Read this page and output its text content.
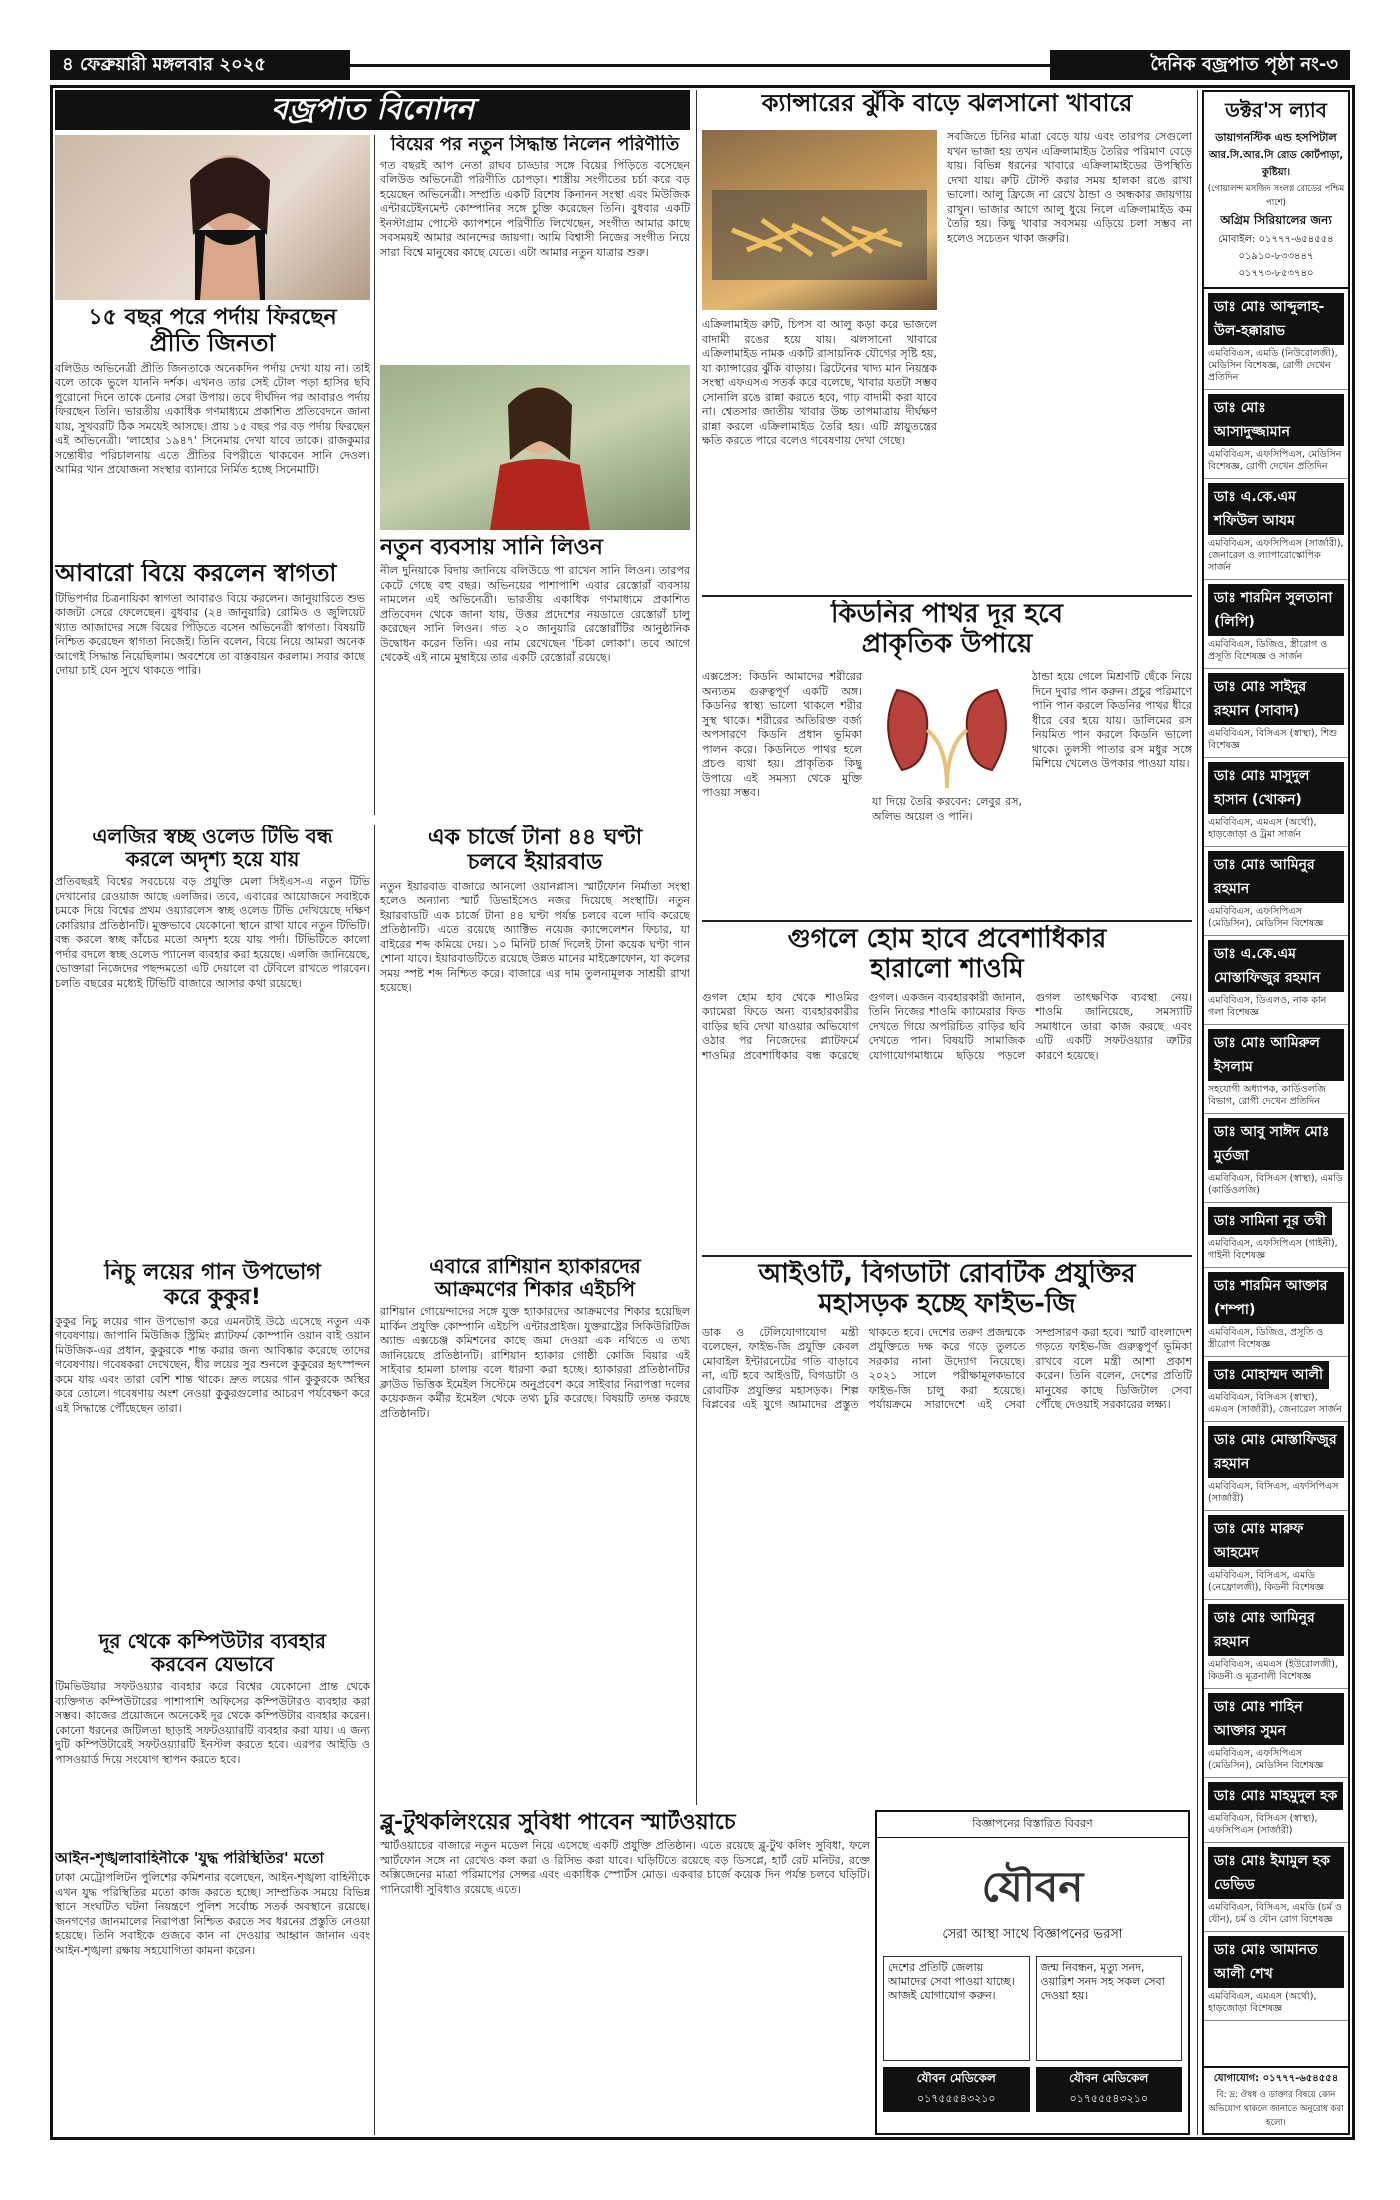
৪ ফেব্রুয়ারী মঙ্গলবার ২০২৫	দৈনিক বজ্রপাত পৃষ্ঠা নং-৩
বজ্রপাত বিনোদন
১৫ বছর পরে পর্দায় ফিরছেন
প্রীতি জিনতা
বলিউড অভিনেত্রী প্রীতি জিনতাকে অনেকদিন পর্দায় দেখা যায় না। তাই বলে তাকে ভুলে যাননি দর্শক। এখনও তার সেই টোল পড়া হাসির ছবি পুরোনো দিনে তাকে চেনার সেরা উপায়। তবে দীর্ঘদিন পর আবারও পর্দায় ফিরছেন তিনি। ভারতীয় একাধিক গণমাধ্যমে প্রকাশিত প্রতিবেদনে জানা যায়, সুখবরটি ঠিক সময়েই আসছে। প্রায় ১৫ বছর পর বড় পর্দায় ফিরছেন এই অভিনেত্রী। 'লাহোর ১৯৪৭' সিনেমায় দেখা যাবে তাকে। রাজকুমার সন্তোষীর পরিচালনায় এতে প্রীতির বিপরীতে থাকবেন সানি দেওল। আমির খান প্রযোজনা সংস্থার ব্যানারে নির্মিত হচ্ছে সিনেমাটি।
আবারো বিয়ে করলেন স্বাগতা
টিভিপর্দার চিত্রনায়িকা স্বাগতা আবারও বিয়ে করলেন। জানুয়ারিতে শুভ কাজটা সেরে ফেলেছেন। বুধবার (২৪ জানুয়ারি) রোমিও ও জুলিয়েট খ্যাত আজাদের সঙ্গে বিয়ের পিঁড়িতে বসেন অভিনেত্রী স্বাগতা। বিষয়টি নিশ্চিত করেছেন স্বাগতা নিজেই। তিনি বলেন, বিয়ে নিয়ে আমরা অনেক আগেই সিদ্ধান্ত নিয়েছিলাম। অবশেষে তা বাস্তবায়ন করলাম। সবার কাছে দোয়া চাই যেন সুখে থাকতে পারি।
বিয়ের পর নতুন সিদ্ধান্ত নিলেন পরিণীতি
গত বছরই আপ নেতা রাঘব চাড্ডার সঙ্গে বিয়ের পিঁড়িতে বসেছেন বলিউড অভিনেত্রী পরিণীতি চোপড়া। শাস্ত্রীয় সংগীতের চর্চা করে বড় হয়েছেন অভিনেত্রী। সম্প্রতি একটি বিশেষ কিনানন সংস্থা এবং মিউজিক এন্টারটেইনমেন্ট কোম্পানির সঙ্গে চুক্তি করেছেন তিনি। বুধবার একটি ইনস্টাগ্রাম পোস্টে ক্যাপশনে পরিণীতি লিখেছেন, সংগীত আমার কাছে সবসময়ই আমার আনন্দের জায়গা। আমি বিশ্বাসী নিজের সংগীত নিয়ে সারা বিশ্বে মানুষের কাছে যেতে। এটা আমার নতুন যাত্রার শুরু।
নতুন ব্যবসায় সানি লিওন
নীল দুনিয়াকে বিদায় জানিয়ে বলিউডে পা রাখেন সানি লিওন। তারপর কেটে গেছে বহু বছর। অভিনয়ের পাশাপাশি এবার রেস্তোরাঁ ব্যবসায় নামলেন এই অভিনেত্রী। ভারতীয় একাধিক গণমাধ্যমে প্রকাশিত প্রতিবেদন থেকে জানা যায়, উত্তর প্রদেশের নয়ডাতে রেস্তোরাঁ চালু করেছেন সানি লিওন। গত ২০ জানুয়ারি রেস্তোরাঁটির আনুষ্ঠানিক উদ্বোধন করেন তিনি। এর নাম রেখেছেন 'চিকা লোকা'। তবে আগে থেকেই এই নামে মুম্বাইয়ে তার একটি রেস্তোরাঁ রয়েছে।
এলজির স্বচ্ছ ওলেড টিভি বন্ধ
করলে অদৃশ্য হয়ে যায়
প্রতিবছরই বিশ্বের সবচেয়ে বড় প্রযুক্তি মেলা সিইএস-এ নতুন টিভি দেখানোর রেওয়াজ আছে এলজির। তবে, এবারের আয়োজনে সবাইকে চমকে দিয়ে বিশ্বের প্রথম ওয়্যারলেস স্বচ্ছ ওলেড টিভি দেখিয়েছে দক্ষিণ কোরিয়ার প্রতিষ্ঠানটি। মুক্তভাবে যেকোনো স্থানে রাখা যাবে নতুন টিভিটি। বন্ধ করলে স্বচ্ছ কাঁচের মতো অদৃশ্য হয়ে যায় পর্দা। টিভিটিতে কালো পর্দার বদলে স্বচ্ছ ওলেড প্যানেল ব্যবহার করা হয়েছে। এলজি জানিয়েছে, ভোক্তারা নিজেদের পছন্দমতো এটি দেয়ালে বা টেবিলে রাখতে পারবেন। চলতি বছরের মধ্যেই টিভিটি বাজারে আসার কথা রয়েছে।
নিচু লয়ের গান উপভোগ
করে কুকুর!
কুকুর নিচু লয়ের গান উপভোগ করে এমনটাই উঠে এসেছে নতুন এক গবেষণায়। জাপানি মিউজিক স্ট্রিমিং প্ল্যাটফর্ম কোম্পানি ওয়ান বাই ওয়ান মিউজিক-এর প্রধান, কুকুরকে শান্ত করার জন্য আবিষ্কার করেছে তাদের গবেষণায়। গবেষকরা দেখেছেন, ধীর লয়ের সুর শুনলে কুকুরের হৃৎস্পন্দন কমে যায় এবং তারা বেশি শান্ত থাকে। দ্রুত লয়ের গান কুকুরকে অস্থির করে তোলে। গবেষণায় অংশ নেওয়া কুকুরগুলোর আচরণ পর্যবেক্ষণ করে এই সিদ্ধান্তে পৌঁছেছেন তারা।
দূর থেকে কম্পিউটার ব্যবহার
করবেন যেভাবে
টিমভিউয়ার সফটওয়্যার ব্যবহার করে বিশ্বের যেকোনো প্রান্ত থেকে ব্যক্তিগত কম্পিউটারের পাশাপাশি অফিসের কম্পিউটারও ব্যবহার করা সম্ভব। কাজের প্রয়োজনে অনেকেই দূর থেকে কম্পিউটার ব্যবহার করেন। কোনো ধরনের জটিলতা ছাড়াই সফটওয়্যারটি ব্যবহার করা যায়। এ জন্য দুটি কম্পিউটারেই সফটওয়্যারটি ইনস্টল করতে হবে। এরপর আইডি ও পাসওয়ার্ড দিয়ে সংযোগ স্থাপন করতে হবে।
আইন-শৃঙ্খলাবাহিনীকে 'যুদ্ধ পরিস্থিতির' মতো
ঢাকা মেট্রোপলিটন পুলিশের কমিশনার বলেছেন, আইন-শৃঙ্খলা বাহিনীকে এখন যুদ্ধ পরিস্থিতির মতো কাজ করতে হচ্ছে। সাম্প্রতিক সময়ে বিভিন্ন স্থানে সংঘটিত ঘটনা নিয়ন্ত্রণে পুলিশ সর্বোচ্চ সতর্ক অবস্থানে রয়েছে। জনগণের জানমালের নিরাপত্তা নিশ্চিত করতে সব ধরনের প্রস্তুতি নেওয়া হয়েছে। তিনি সবাইকে গুজবে কান না দেওয়ার আহ্বান জানান এবং আইন-শৃঙ্খলা রক্ষায় সহযোগিতা কামনা করেন।
এক চার্জে টানা ৪৪ ঘণ্টা
চলবে ইয়ারবাড
নতুন ইয়ারবাড বাজারে আনলো ওয়ানপ্লাস। স্মার্টফোন নির্মাতা সংস্থা হলেও অন্যান্য স্মার্ট ডিভাইসেও নজর দিয়েছে সংস্থাটি। নতুন ইয়ারবাডটি এক চার্জে টানা ৪৪ ঘণ্টা পর্যন্ত চলবে বলে দাবি করেছে প্রতিষ্ঠানটি। এতে রয়েছে অ্যাক্টিভ নয়েজ ক্যান্সেলেশন ফিচার, যা বাইরের শব্দ কমিয়ে দেয়। ১০ মিনিট চার্জ দিলেই টানা কয়েক ঘণ্টা গান শোনা যাবে। ইয়ারবাডটিতে রয়েছে উন্নত মানের মাইক্রোফোন, যা কলের সময় স্পষ্ট শব্দ নিশ্চিত করে। বাজারে এর দাম তুলনামূলক সাশ্রয়ী রাখা হয়েছে।
এবারে রাশিয়ান হ্যাকারদের
আক্রমণের শিকার এইচপি
রাশিয়ান গোয়েন্দাদের সঙ্গে যুক্ত হ্যাকারদের আক্রমণের শিকার হয়েছিল মার্কিন প্রযুক্তি কোম্পানি এইচপি এন্টারপ্রাইজ। যুক্তরাষ্ট্রের সিকিউরিটিজ অ্যান্ড এক্সচেঞ্জ কমিশনের কাছে জমা দেওয়া এক নথিতে এ তথ্য জানিয়েছে প্রতিষ্ঠানটি। রাশিয়ান হ্যাকার গোষ্ঠী কোজি বিয়ার এই সাইবার হামলা চালায় বলে ধারণা করা হচ্ছে। হ্যাকাররা প্রতিষ্ঠানটির ক্লাউড ভিত্তিক ইমেইল সিস্টেমে অনুপ্রবেশ করে সাইবার নিরাপত্তা দলের কয়েকজন কর্মীর ইমেইল থেকে তথ্য চুরি করেছে। বিষয়টি তদন্ত করছে প্রতিষ্ঠানটি।
ব্লু-টুথকলিংয়ের সুবিধা পাবেন স্মার্টওয়াচে
স্মার্টওয়াচের বাজারে নতুন মডেল নিয়ে এসেছে একটি প্রযুক্তি প্রতিষ্ঠান। এতে রয়েছে ব্লু-টুথ কলিং সুবিধা, ফলে স্মার্টফোন সঙ্গে না রেখেও কল করা ও রিসিভ করা যাবে। ঘড়িটিতে রয়েছে বড় ডিসপ্লে, হার্ট রেট মনিটর, রক্তে অক্সিজেনের মাত্রা পরিমাপের সেন্সর এবং একাধিক স্পোর্টস মোড। একবার চার্জে কয়েক দিন পর্যন্ত চলবে ঘড়িটি। পানিরোধী সুবিধাও রয়েছে এতে।
ক্যান্সারের ঝুঁকি বাড়ে ঝলসানো খাবারে
সবজিতে চিনির মাত্রা বেড়ে যায় এবং তারপর সেগুলো যখন ভাজা হয় তখন এক্রিলামাইড তৈরির পরিমাণ বেড়ে যায়। বিভিন্ন ধরনের খাবারে এক্রিলামাইডের উপস্থিতি দেখা যায়। রুটি টোস্ট করার সময় হালকা রঙে রাখা ভালো। আলু ফ্রিজে না রেখে ঠান্ডা ও অন্ধকার জায়গায় রাখুন। ভাজার আগে আলু ধুয়ে নিলে এক্রিলামাইড কম তৈরি হয়। কিছু খাবার সবসময় এড়িয়ে চলা সম্ভব না হলেও সচেতন থাকা জরুরি।
এক্রিলামাইড রুটি, চিপস বা আলু কড়া করে ভাজলে বাদামী রঙের হয়ে যায়। ঝলসানো খাবারে এক্রিলামাইড নামক একটি রাসায়নিক যৌগের সৃষ্টি হয়, যা ক্যান্সারের ঝুঁকি বাড়ায়। ব্রিটেনের খাদ্য মান নিয়ন্ত্রক সংস্থা এফএসএ সতর্ক করে বলেছে, খাবার যতটা সম্ভব সোনালি রঙে রান্না করতে হবে, গাঢ় বাদামী করা যাবে না। শ্বেতসার জাতীয় খাবার উচ্চ তাপমাত্রায় দীর্ঘক্ষণ রান্না করলে এক্রিলামাইড তৈরি হয়। এটি স্নায়ুতন্ত্রের ক্ষতি করতে পারে বলেও গবেষণায় দেখা গেছে।
কিডনির পাথর দূর হবে
প্রাকৃতিক উপায়ে
এক্সপ্রেস: কিডনি আমাদের শরীরের অন্যতম গুরুত্বপূর্ণ একটি অঙ্গ। কিডনির স্বাস্থ্য ভালো থাকলে শরীর সুস্থ থাকে। শরীরের অতিরিক্ত বর্জ্য অপসারণে কিডনি প্রধান ভূমিকা পালন করে। কিডনিতে পাথর হলে প্রচণ্ড ব্যথা হয়। প্রাকৃতিক কিছু উপায়ে এই সমস্যা থেকে মুক্তি পাওয়া সম্ভব।
যা দিয়ে তৈরি করবেন: লেবুর রস, অলিভ অয়েল ও পানি।
ঠান্ডা হয়ে গেলে মিশ্রণটি ছেঁকে নিয়ে দিনে দুবার পান করুন। প্রচুর পরিমাণে পানি পান করলে কিডনির পাথর ধীরে ধীরে বের হয়ে যায়। ডালিমের রস নিয়মিত পান করলে কিডনি ভালো থাকে। তুলসী পাতার রস মধুর সঙ্গে মিশিয়ে খেলেও উপকার পাওয়া যায়।
গুগলে হোম হাবে প্রবেশাধিকার
হারালো শাওমি
গুগল হোম হাব থেকে শাওমির ক্যামেরা ফিডে অন্য ব্যবহারকারীর বাড়ির ছবি দেখা যাওয়ার অভিযোগ ওঠার পর নিজেদের প্ল্যাটফর্মে শাওমির প্রবেশাধিকার বন্ধ করেছে গুগল। একজন ব্যবহারকারী জানান, তিনি নিজের শাওমি ক্যামেরার ফিড দেখতে গিয়ে অপরিচিত বাড়ির ছবি দেখতে পান। বিষয়টি সামাজিক যোগাযোগমাধ্যমে ছড়িয়ে পড়লে গুগল তাৎক্ষণিক ব্যবস্থা নেয়। শাওমি জানিয়েছে, সমস্যাটি সমাধানে তারা কাজ করছে এবং এটি একটি সফটওয়্যার ত্রুটির কারণে হয়েছে।
আইওটি, বিগডাটা রোবটিক প্রযুক্তির
মহাসড়ক হচ্ছে ফাইভ-জি
ডাক ও টেলিযোগাযোগ মন্ত্রী বলেছেন, ফাইভ-জি প্রযুক্তি কেবল মোবাইল ইন্টারনেটের গতি বাড়াবে না, এটি হবে আইওটি, বিগডাটা ও রোবটিক প্রযুক্তির মহাসড়ক। শিল্প বিপ্লবের এই যুগে আমাদের প্রস্তুত থাকতে হবে। দেশের তরুণ প্রজন্মকে প্রযুক্তিতে দক্ষ করে গড়ে তুলতে সরকার নানা উদ্যোগ নিয়েছে। ২০২১ সালে পরীক্ষামূলকভাবে ফাইভ-জি চালু করা হয়েছে। পর্যায়ক্রমে সারাদেশে এই সেবা সম্প্রসারণ করা হবে। স্মার্ট বাংলাদেশ গড়তে ফাইভ-জি গুরুত্বপূর্ণ ভূমিকা রাখবে বলে মন্ত্রী আশা প্রকাশ করেন। তিনি বলেন, দেশের প্রতিটি মানুষের কাছে ডিজিটাল সেবা পৌঁছে দেওয়াই সরকারের লক্ষ্য।
বিজ্ঞাপনের বিস্তারিত বিবরণ
যৌবন
সেরা আস্থা সাথে বিজ্ঞাপনের ভরসা
দেশের প্রতিটি জেলায় আমাদের সেবা পাওয়া যাচ্ছে। আজই যোগাযোগ করুন।
জন্ম নিবন্ধন, মৃত্যু সনদ, ওয়ারিশ সনদ সহ সকল সেবা দেওয়া হয়।
যৌবন মেডিকেল
০১৭৫৫৫৪৩২১০
যৌবন মেডিকেল
০১৭৫৫৫৪৩২১০
ডক্টর'স ল্যাব
ডায়াগনস্টিক এন্ড হসপিটাল
আর.সি.আর.সি রোড কোর্টপাড়া, কুষ্টিয়া।
(গোয়ালন্দ মসজিদ সংলগ্ন রোডের পশ্চিম পাশে)
অগ্রিম সিরিয়ালের জন্য
মোবাইল: ০১৭৭৭-৬৫৪৫৫৪
০১৯১০-৮৩৩৪৪৭
০১৭৭৩-৮৫৩৭৪০
ডাঃ মোঃ আব্দুলাহ-উল-হক্কারাভ
এমবিবিএস, এমডি (নিউরোলজী), মেডিসিন বিশেষজ্ঞ, রোগী দেখেন প্রতিদিন
ডাঃ মোঃ আসাদুজ্জামান
এমবিবিএস, এফসিপিএস, মেডিসিন বিশেষজ্ঞ, রোগী দেখেন প্রতিদিন
ডাঃ এ.কে.এম শফিউল আযম
এমবিবিএস, এফসিপিএস (সার্জারী), জেনারেল ও ল্যাপারোস্কোপিক সার্জন
ডাঃ শারমিন সুলতানা (লিপি)
এমবিবিএস, ডিজিও, স্ত্রীরোগ ও প্রসূতি বিশেষজ্ঞ ও সার্জন
ডাঃ মোঃ সাইদুর রহমান (সাবাদ)
এমবিবিএস, বিসিএস (স্বাস্থ্য), শিশু বিশেষজ্ঞ
ডাঃ মোঃ মাসুদুল হাসান (খোকন)
এমবিবিএস, এমএস (অর্থো), হাড়জোড়া ও ট্রমা সার্জন
ডাঃ মোঃ আমিনুর রহমান
এমবিবিএস, এফসিপিএস (মেডিসিন), মেডিসিন বিশেষজ্ঞ
ডাঃ এ.কে.এম মোস্তাফিজুর রহমান
এমবিবিএস, ডিএলও, নাক কান গলা বিশেষজ্ঞ
ডাঃ মোঃ আমিরুল ইসলাম
সহযোগী অধ্যাপক, কার্ডিওলজি বিভাগ, রোগী দেখেন প্রতিদিন
ডাঃ আবু সাঈদ মোঃ মুর্তজা
এমবিবিএস, বিসিএস (স্বাস্থ্য), এমডি (কার্ডিওলজি)
ডাঃ সামিনা নূর তন্বী
এমবিবিএস, এফসিপিএস (গাইনী), গাইনী বিশেষজ্ঞ
ডাঃ শারমিন আক্তার (শম্পা)
এমবিবিএস, ডিজিও, প্রসূতি ও স্ত্রীরোগ বিশেষজ্ঞ
ডাঃ মোহাম্মদ আলী
এমবিবিএস, বিসিএস (স্বাস্থ্য), এমএস (সার্জারী), জেনারেল সার্জন
ডাঃ মোঃ মোস্তাফিজুর রহমান
এমবিবিএস, বিসিএস, এফসিপিএস (সার্জারী)
ডাঃ মোঃ মারুফ আহমেদ
এমবিবিএস, বিসিএস, এমডি (নেফ্রোলজী), কিডনী বিশেষজ্ঞ
ডাঃ মোঃ আমিনুর রহমান
এমবিবিএস, এমএস (ইউরোলজী), কিডনী ও মূত্রনালী বিশেষজ্ঞ
ডাঃ মোঃ শাহিন আক্তার সুমন
এমবিবিএস, এফসিপিএস (মেডিসিন), মেডিসিন বিশেষজ্ঞ
ডাঃ মোঃ মাহমুদুল হক
এমবিবিএস, বিসিএস (স্বাস্থ্য), এফসিপিএস (সার্জারী)
ডাঃ মোঃ ইমামুল হক ডেভিড
এমবিবিএস, বিসিএস, এমডি (চর্ম ও যৌন), চর্ম ও যৌন রোগ বিশেষজ্ঞ
ডাঃ মোঃ আমানত আলী শেখ
এমবিবিএস, এমএস (অর্থো), হাড়জোড়া বিশেষজ্ঞ
যোগাযোগ: ০১৭৭৭-৬৫৪৫৫৪
বি: দ্র: ঔষধ ও ডাক্তার বিষয়ে কোন অভিযোগ থাকলে জানাতে অনুরোধ করা হলো।
